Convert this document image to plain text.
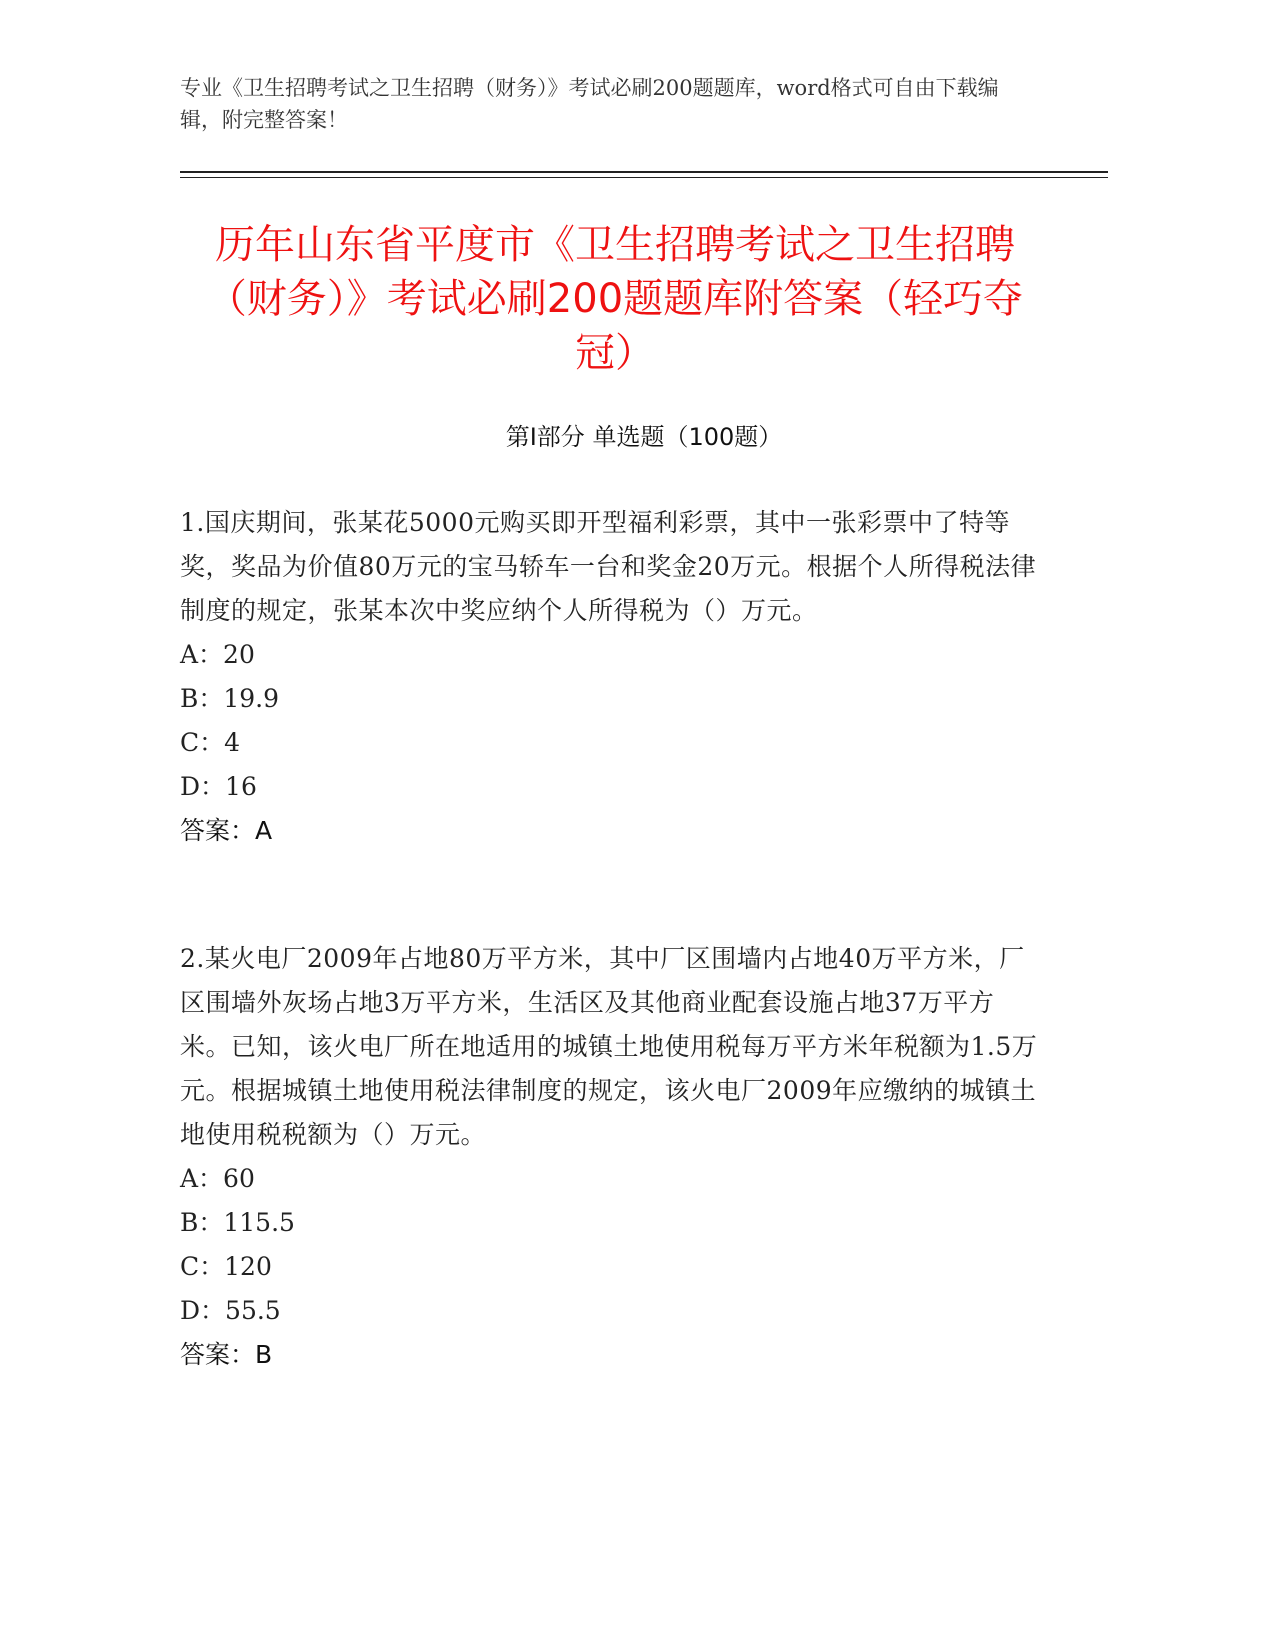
专业《卫生招聘考试之卫生招聘（财务）》考试必刷200题题库，word格式可自由下载编辑，附完整答案！
历年山东省平度市《卫生招聘考试之卫生招聘（财务）》考试必刷200题题库附答案（轻巧夺冠）
第I部分 单选题（100题）

1.国庆期间，张某花5000元购买即开型福利彩票，其中一张彩票中了特等奖，奖品为价值80万元的宝马轿车一台和奖金20万元。根据个人所得税法律制度的规定，张某本次中奖应纳个人所得税为（）万元。

A：20

B：19.9

C：4

D：16

答案：A

2.某火电厂2009年占地80万平方米，其中厂区围墙内占地40万平方米，厂区围墙外灰场占地3万平方米，生活区及其他商业配套设施占地37万平方米。已知，该火电厂所在地适用的城镇土地使用税每万平方米年税额为1.5万元。根据城镇土地使用税法律制度的规定，该火电厂2009年应缴纳的城镇土地使用税税额为（）万元。

A：60

B：115.5

C：120

D：55.5

答案：B
